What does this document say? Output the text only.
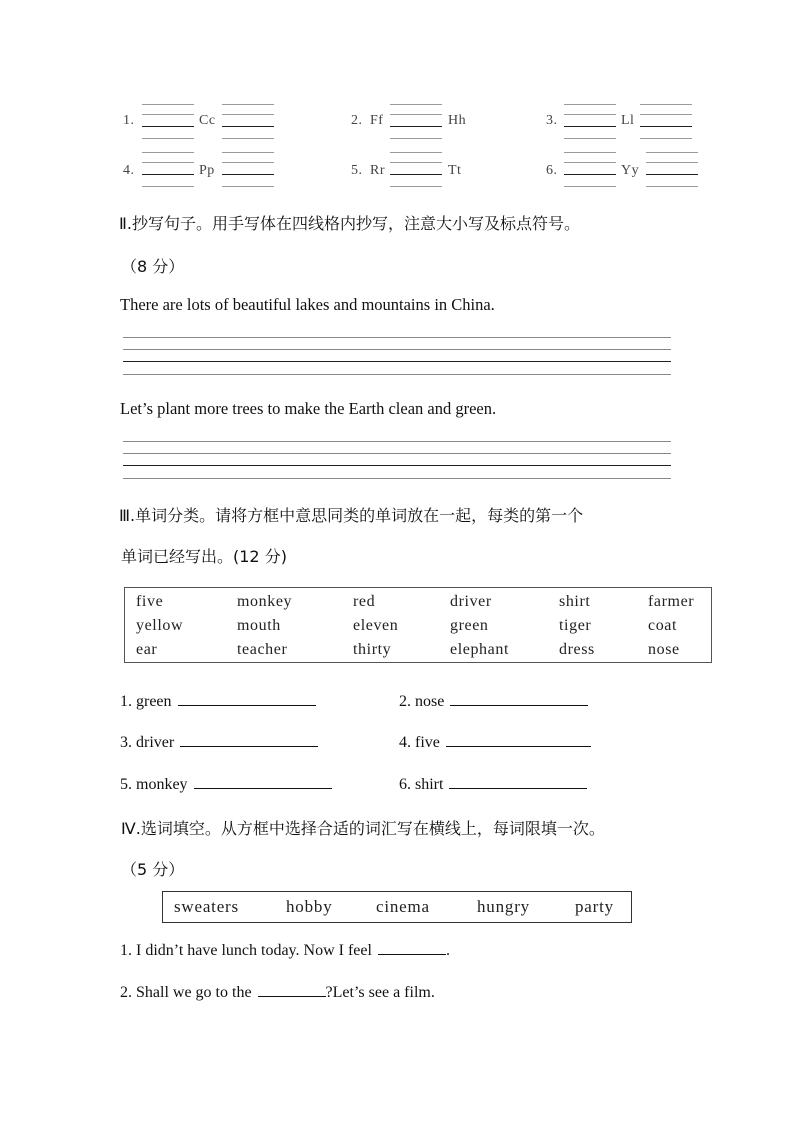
1.	Cc	2. Ff	Hh	3.	Ll
4.	Pp	5. Rr	Tt	6.	Yy
Ⅱ.抄写句子。用手写体在四线格内抄写，注意大小写及标点符号。
（8 分）
There are lots of beautiful lakes and mountains in China.
Let’s plant more trees to make the Earth clean and green.
Ⅲ.单词分类。请将方框中意思同类的单词放在一起，每类的第一个
单词已经写出。(12 分)
five	monkey	red	driver	shirt	farmer
yellow	mouth	eleven	green	tiger	coat
ear	teacher	thirty	elephant	dress	nose
1. green	2. nose
3. driver	4. five
5. monkey	6. shirt
Ⅳ.选词填空。从方框中选择合适的词汇写在横线上，每词限填一次。
（5 分）
sweaters	hobby	cinema	hungry	party
1. I didn’t have lunch today. Now I feel	.
2. Shall we go to the	?Let’s see a film.
